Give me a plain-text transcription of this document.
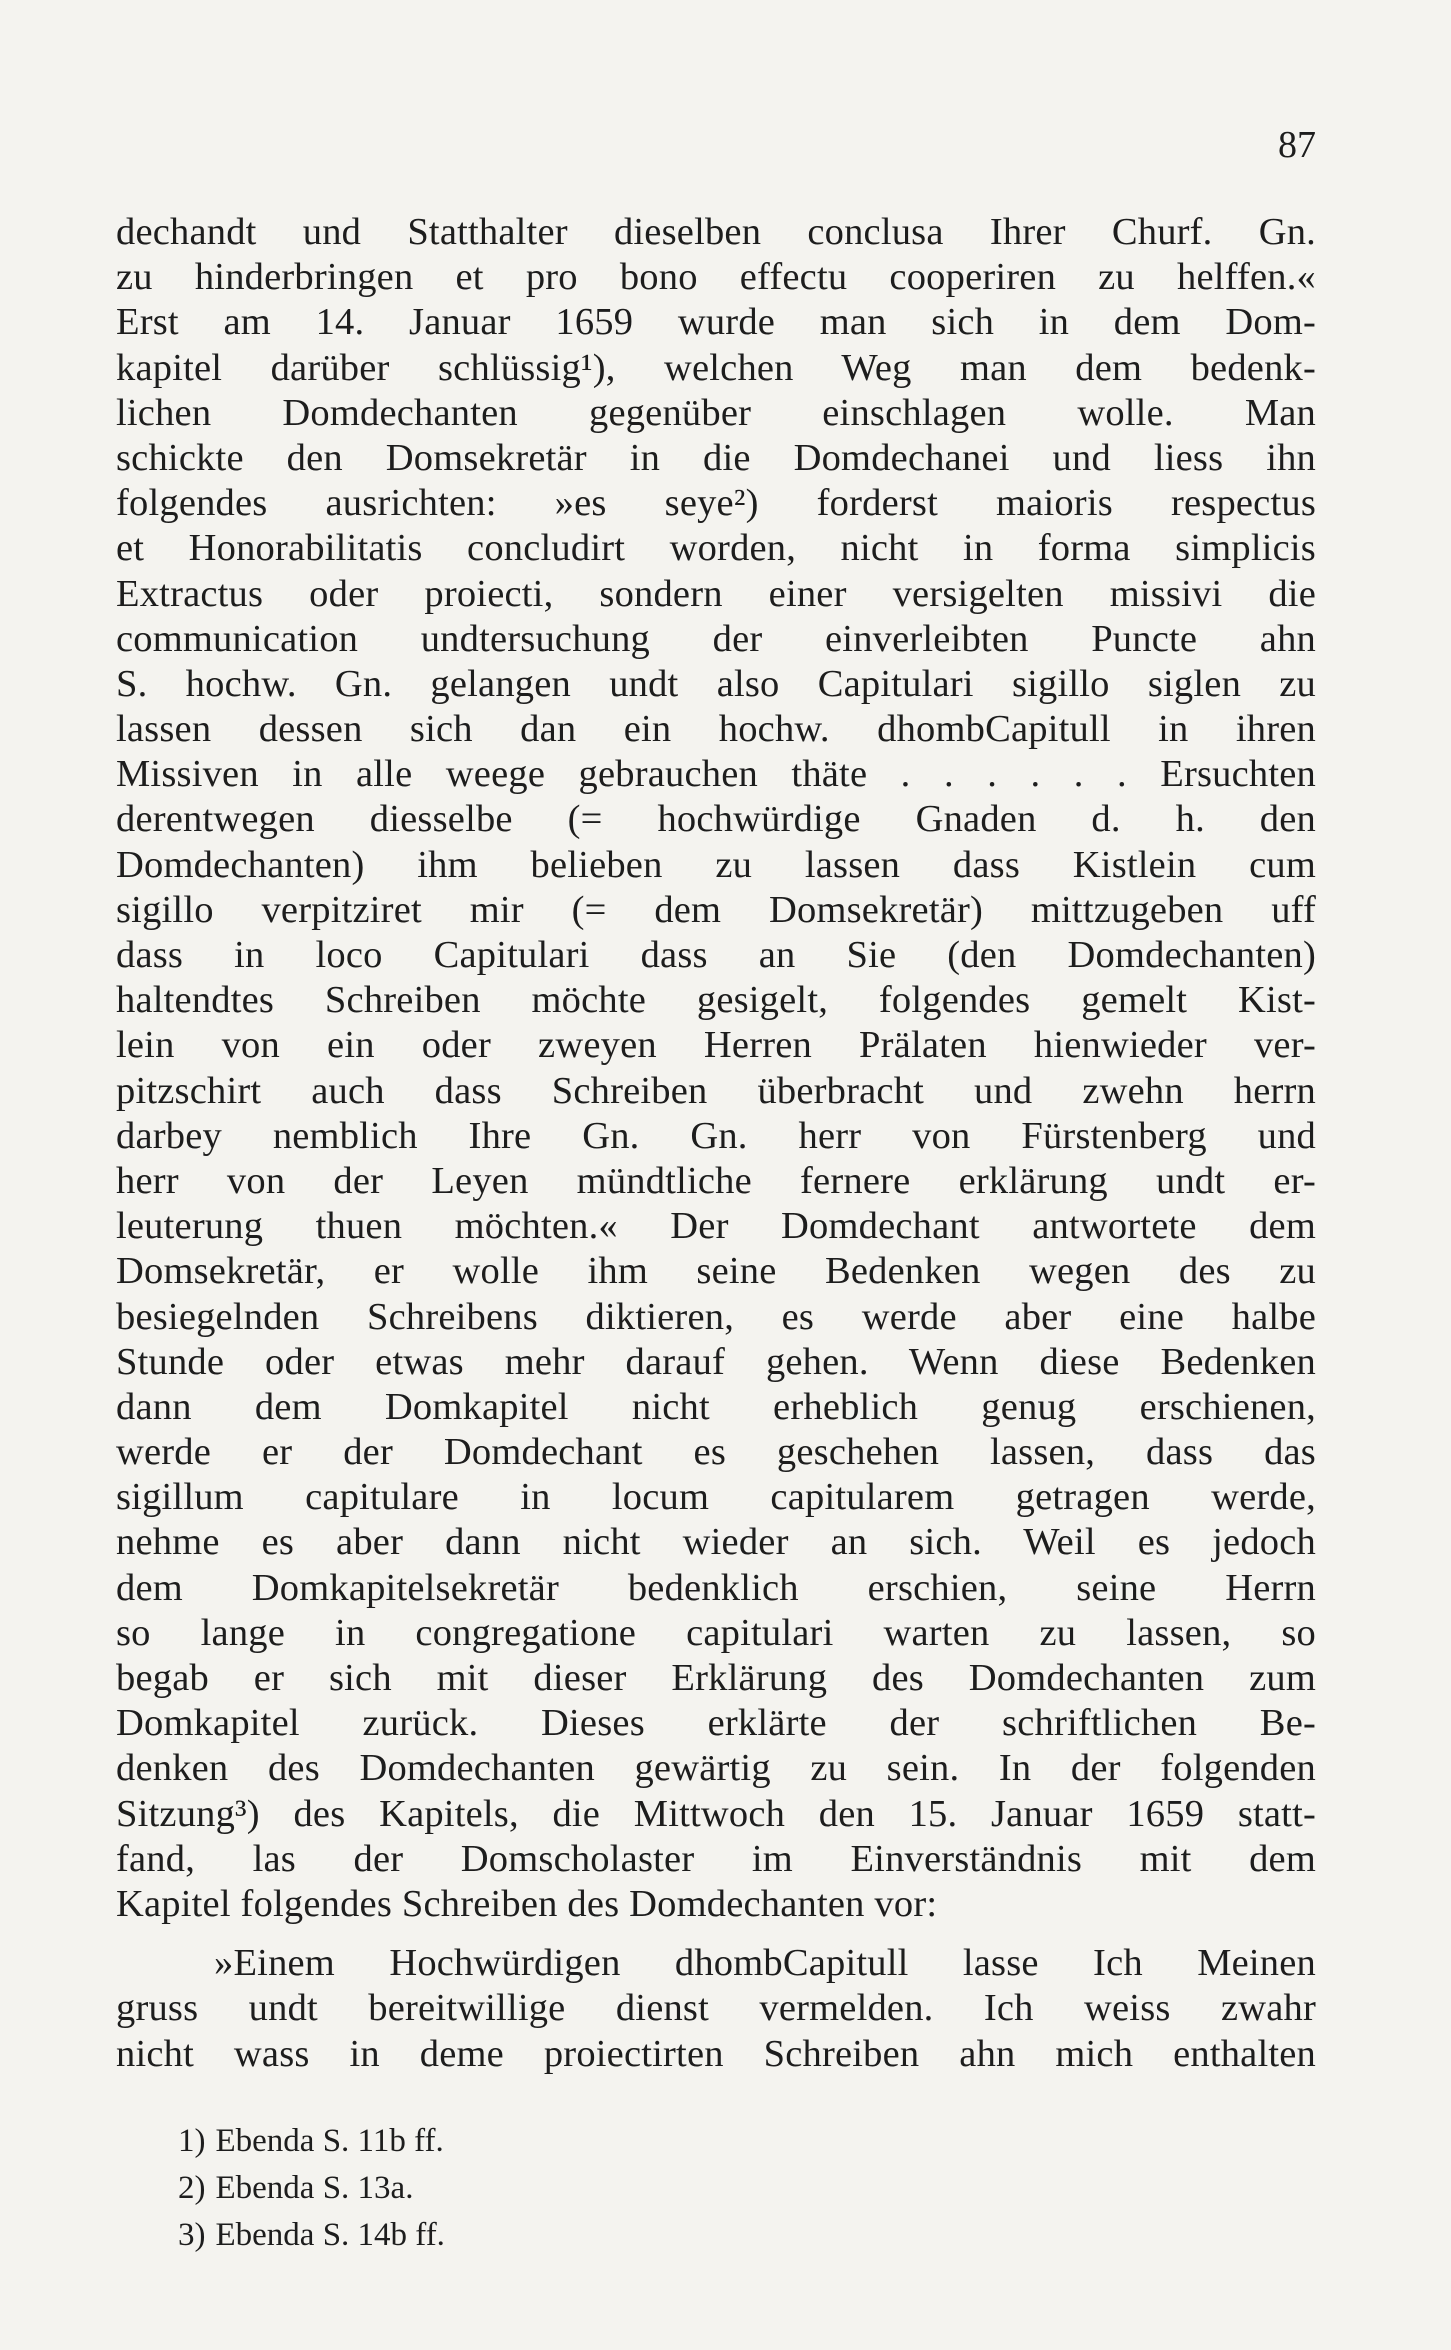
87
dechandt und Statthalter dieselben conclusa Ihrer Churf. Gn.
zu hinderbringen et pro bono effectu cooperiren zu helffen.«
Erst am 14. Januar 1659 wurde man sich in dem Dom-
kapitel darüber schlüssig¹), welchen Weg man dem bedenk-
lichen Domdechanten gegenüber einschlagen wolle. Man
schickte den Domsekretär in die Domdechanei und liess ihn
folgendes ausrichten: »es seye²) forderst maioris respectus
et Honorabilitatis concludirt worden, nicht in forma simplicis
Extractus oder proiecti, sondern einer versigelten missivi die
communication undtersuchung der einverleibten Puncte ahn
S. hochw. Gn. gelangen undt also Capitulari sigillo siglen zu
lassen dessen sich dan ein hochw. dhombCapitull in ihren
Missiven in alle weege gebrauchen thäte . . . . . . Ersuchten
derentwegen diesselbe (= hochwürdige Gnaden d. h. den
Domdechanten) ihm belieben zu lassen dass Kistlein cum
sigillo verpitziret mir (= dem Domsekretär) mittzugeben uff
dass in loco Capitulari dass an Sie (den Domdechanten)
haltendtes Schreiben möchte gesigelt, folgendes gemelt Kist-
lein von ein oder zweyen Herren Prälaten hienwieder ver-
pitzschirt auch dass Schreiben überbracht und zwehn herrn
darbey nemblich Ihre Gn. Gn. herr von Fürstenberg und
herr von der Leyen mündtliche fernere erklärung undt er-
leuterung thuen möchten.« Der Domdechant antwortete dem
Domsekretär, er wolle ihm seine Bedenken wegen des zu
besiegelnden Schreibens diktieren, es werde aber eine halbe
Stunde oder etwas mehr darauf gehen. Wenn diese Bedenken
dann dem Domkapitel nicht erheblich genug erschienen,
werde er der Domdechant es geschehen lassen, dass das
sigillum capitulare in locum capitularem getragen werde,
nehme es aber dann nicht wieder an sich. Weil es jedoch
dem Domkapitelsekretär bedenklich erschien, seine Herrn
so lange in congregatione capitulari warten zu lassen, so
begab er sich mit dieser Erklärung des Domdechanten zum
Domkapitel zurück. Dieses erklärte der schriftlichen Be-
denken des Domdechanten gewärtig zu sein. In der folgenden
Sitzung³) des Kapitels, die Mittwoch den 15. Januar 1659 statt-
fand, las der Domscholaster im Einverständnis mit dem
Kapitel folgendes Schreiben des Domdechanten vor:
»Einem Hochwürdigen dhombCapitull lasse Ich Meinen
gruss undt bereitwillige dienst vermelden. Ich weiss zwahr
nicht wass in deme proiectirten Schreiben ahn mich enthalten
1) Ebenda S. 11b ff.
2) Ebenda S. 13a.
3) Ebenda S. 14b ff.
